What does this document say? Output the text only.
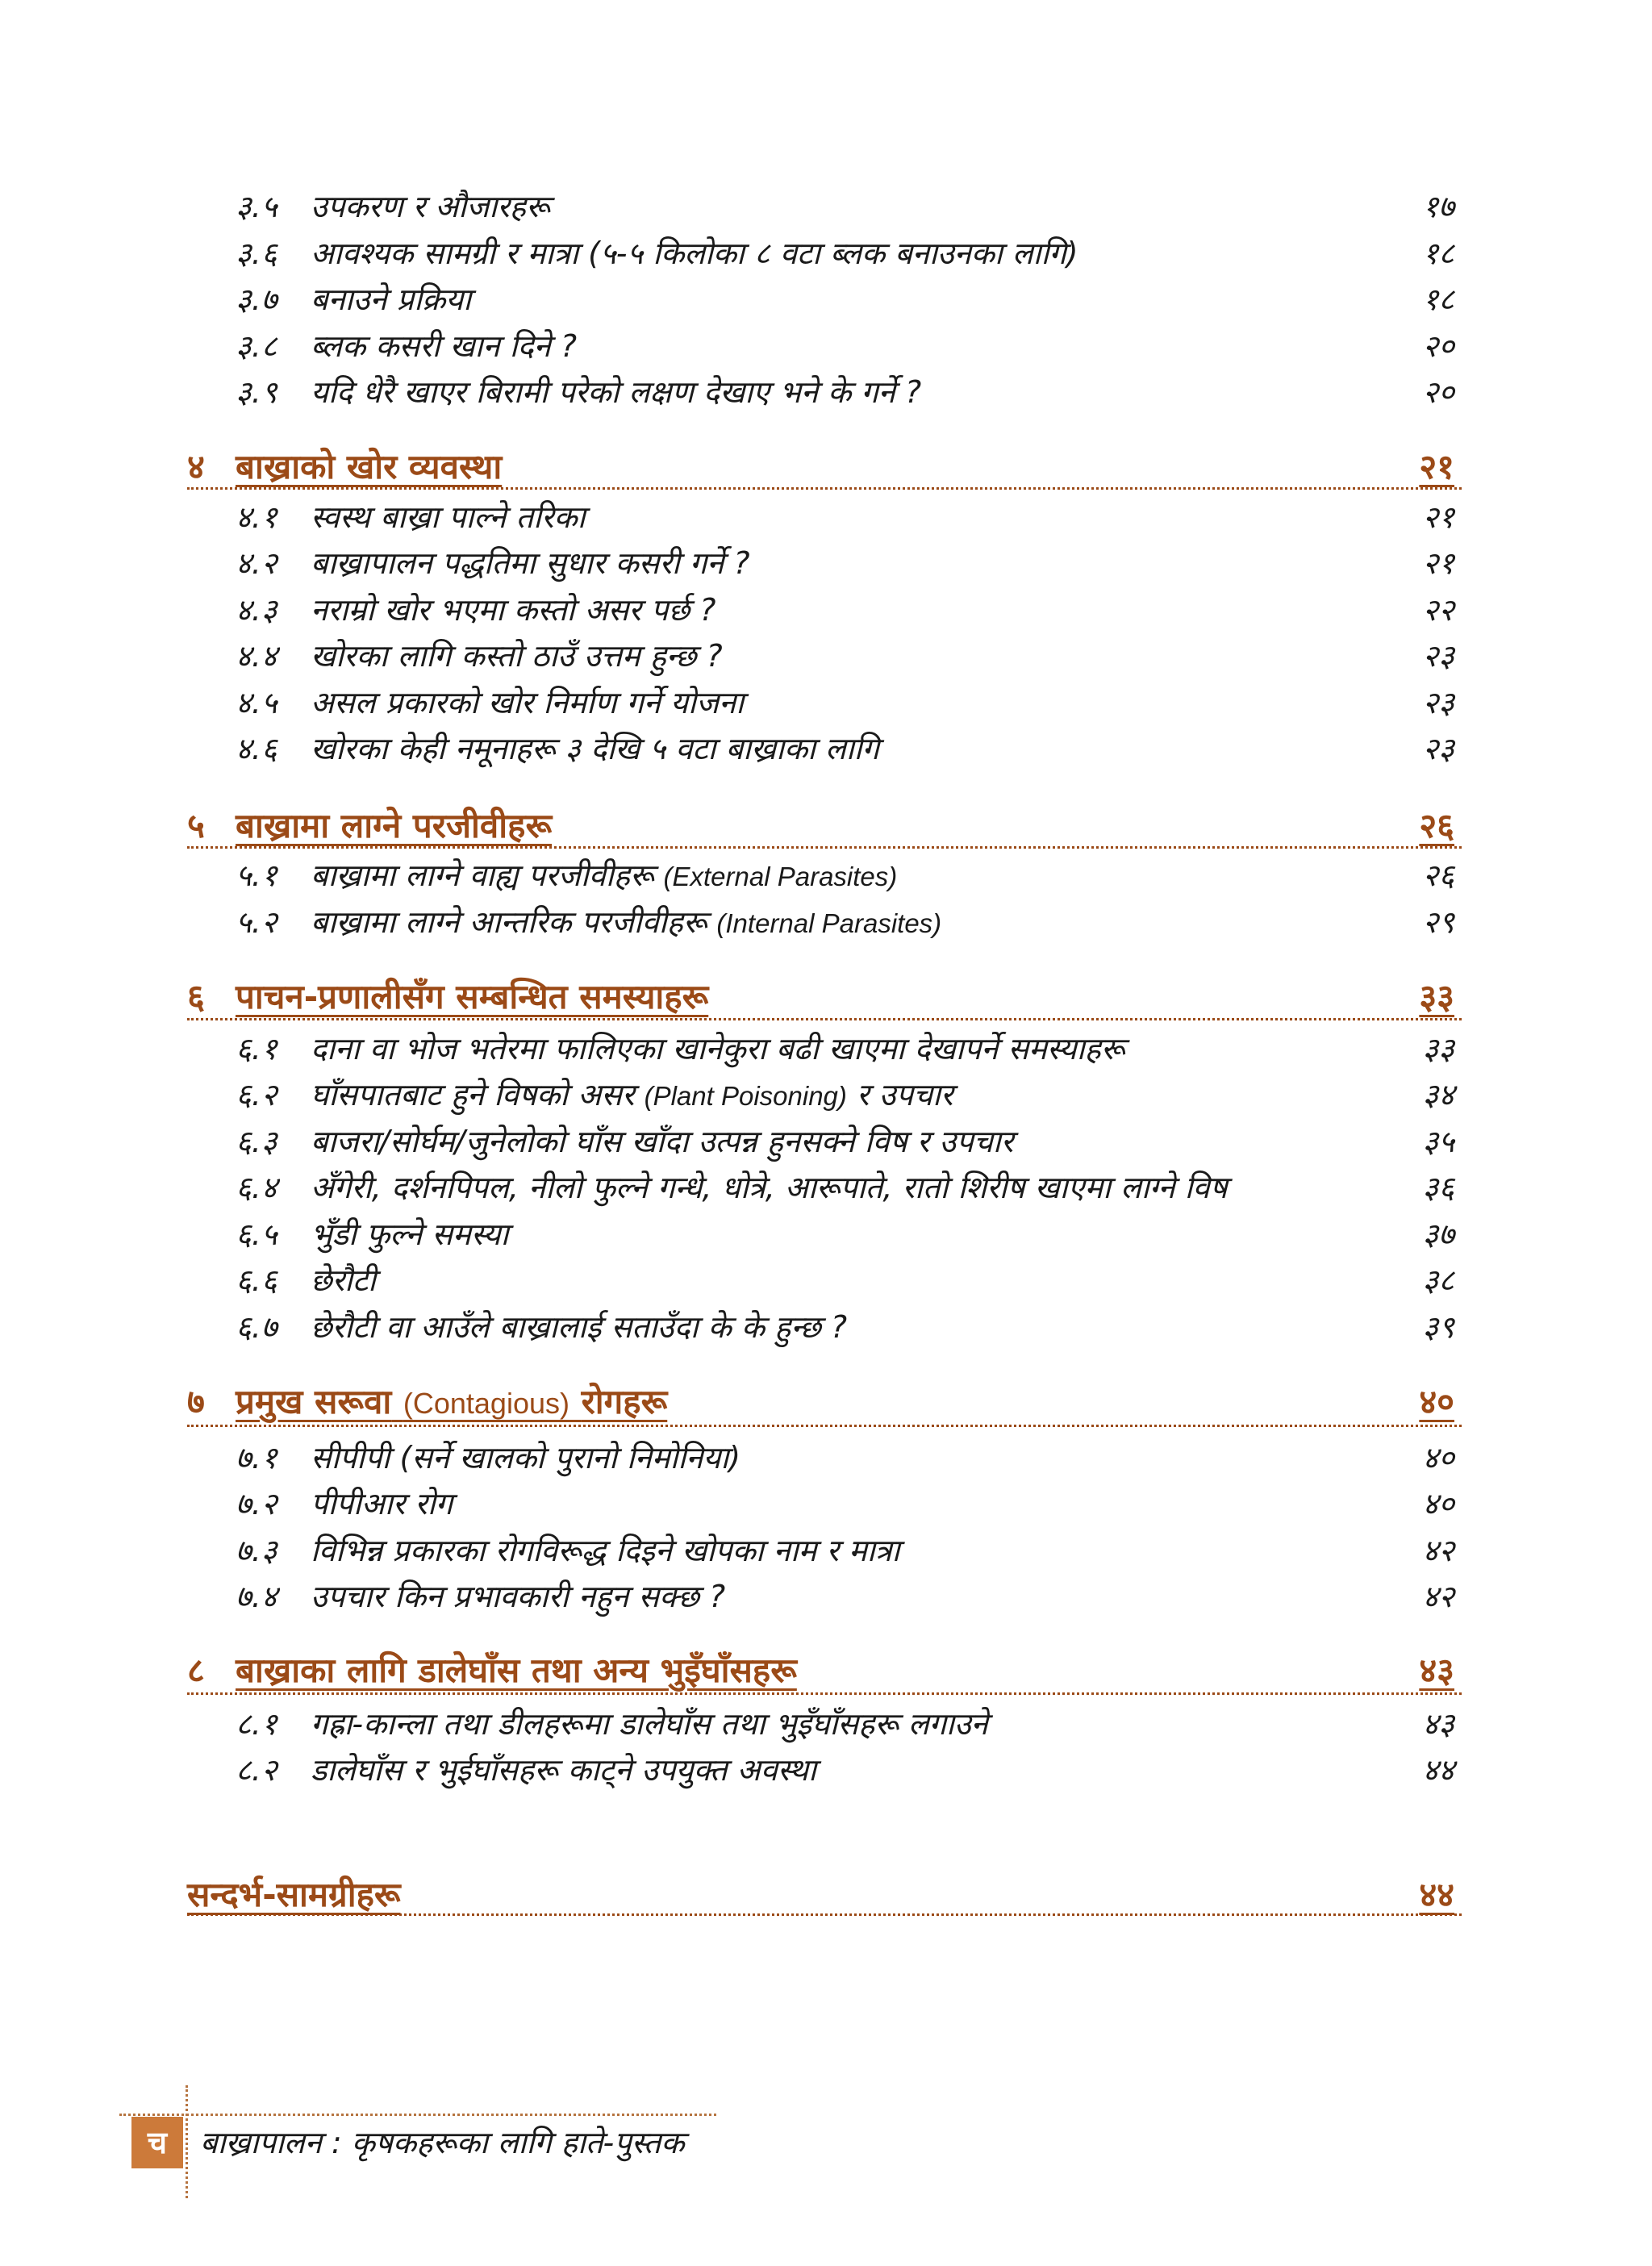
३.५ उपकरण र औजारहरू	१७
३.६ आवश्यक सामग्री र मात्रा (५-५ किलोका ८ वटा ब्लक बनाउनका लागि)	१८
३.७ बनाउने प्रक्रिया	१८
३.८ ब्लक कसरी खान दिने ?	२०
३.९ यदि धेरै खाएर बिरामी परेको लक्षण देखाए भने के गर्ने ?	२०
४ बाख्राको खोर व्यवस्था	२१
४.१ स्वस्थ बाख्रा पाल्ने तरिका	२१
४.२ बाख्रापालन पद्धतिमा सुधार कसरी गर्ने ?	२१
४.३ नराम्रो खोर भएमा कस्तो असर पर्छ ?	२२
४.४ खोरका लागि कस्तो ठाउँ उत्तम हुन्छ ?	२३
४.५ असल प्रकारको खोर निर्माण गर्ने योजना	२३
४.६ खोरका केही नमूनाहरू ३ देखि ५ वटा बाख्राका लागि	२३
५ बाख्रामा लाग्ने परजीवीहरू	२६
५.१ बाख्रामा लाग्ने वाह्य परजीवीहरू (External Parasites)	२६
५.२ बाख्रामा लाग्ने आन्तरिक परजीवीहरू (Internal Parasites)	२९
६ पाचन-प्रणालीसँग सम्बन्धित समस्याहरू	३३
६.१ दाना वा भोज भतेरमा फालिएका खानेकुरा बढी खाएमा देखापर्ने समस्याहरू	३३
६.२ घाँसपातबाट हुने विषको असर (Plant Poisoning) र उपचार	३४
६.३ बाजरा/सोर्घम/जुनेलोको घाँस खाँदा उत्पन्न हुनसक्ने विष र उपचार	३५
६.४ अँगेरी, दर्शनपिपल, नीलो फुल्ने गन्धे, धोत्रे, आरूपाते, रातो शिरीष खाएमा लाग्ने विष	३६
६.५ भुँडी फुल्ने समस्या	३७
६.६ छेरौटी	३८
६.७ छेरौटी वा आउँले बाख्रालाई सताउँदा के के हुन्छ ?	३९
७ प्रमुख सरूवा (Contagious) रोगहरू	४०
७.१ सीपीपी (सर्ने खालको पुरानो निमोनिया)	४०
७.२ पीपीआर रोग	४०
७.३ विभिन्न प्रकारका रोगविरूद्ध दिइने खोपका नाम र मात्रा	४२
७.४ उपचार किन प्रभावकारी नहुन सक्छ ?	४२
८ बाख्राका लागि डालेघाँस तथा अन्य भुइँघाँसहरू	४३
८.१ गह्रा-कान्ला तथा डीलहरूमा डालेघाँस तथा भुइँघाँसहरू लगाउने	४३
८.२ डालेघाँस र भुईघाँसहरू काट्ने उपयुक्त अवस्था	४४
सन्दर्भ-सामग्रीहरू	४४
च	बाख्रापालन : कृषकहरूका लागि हाते-पुस्तक
